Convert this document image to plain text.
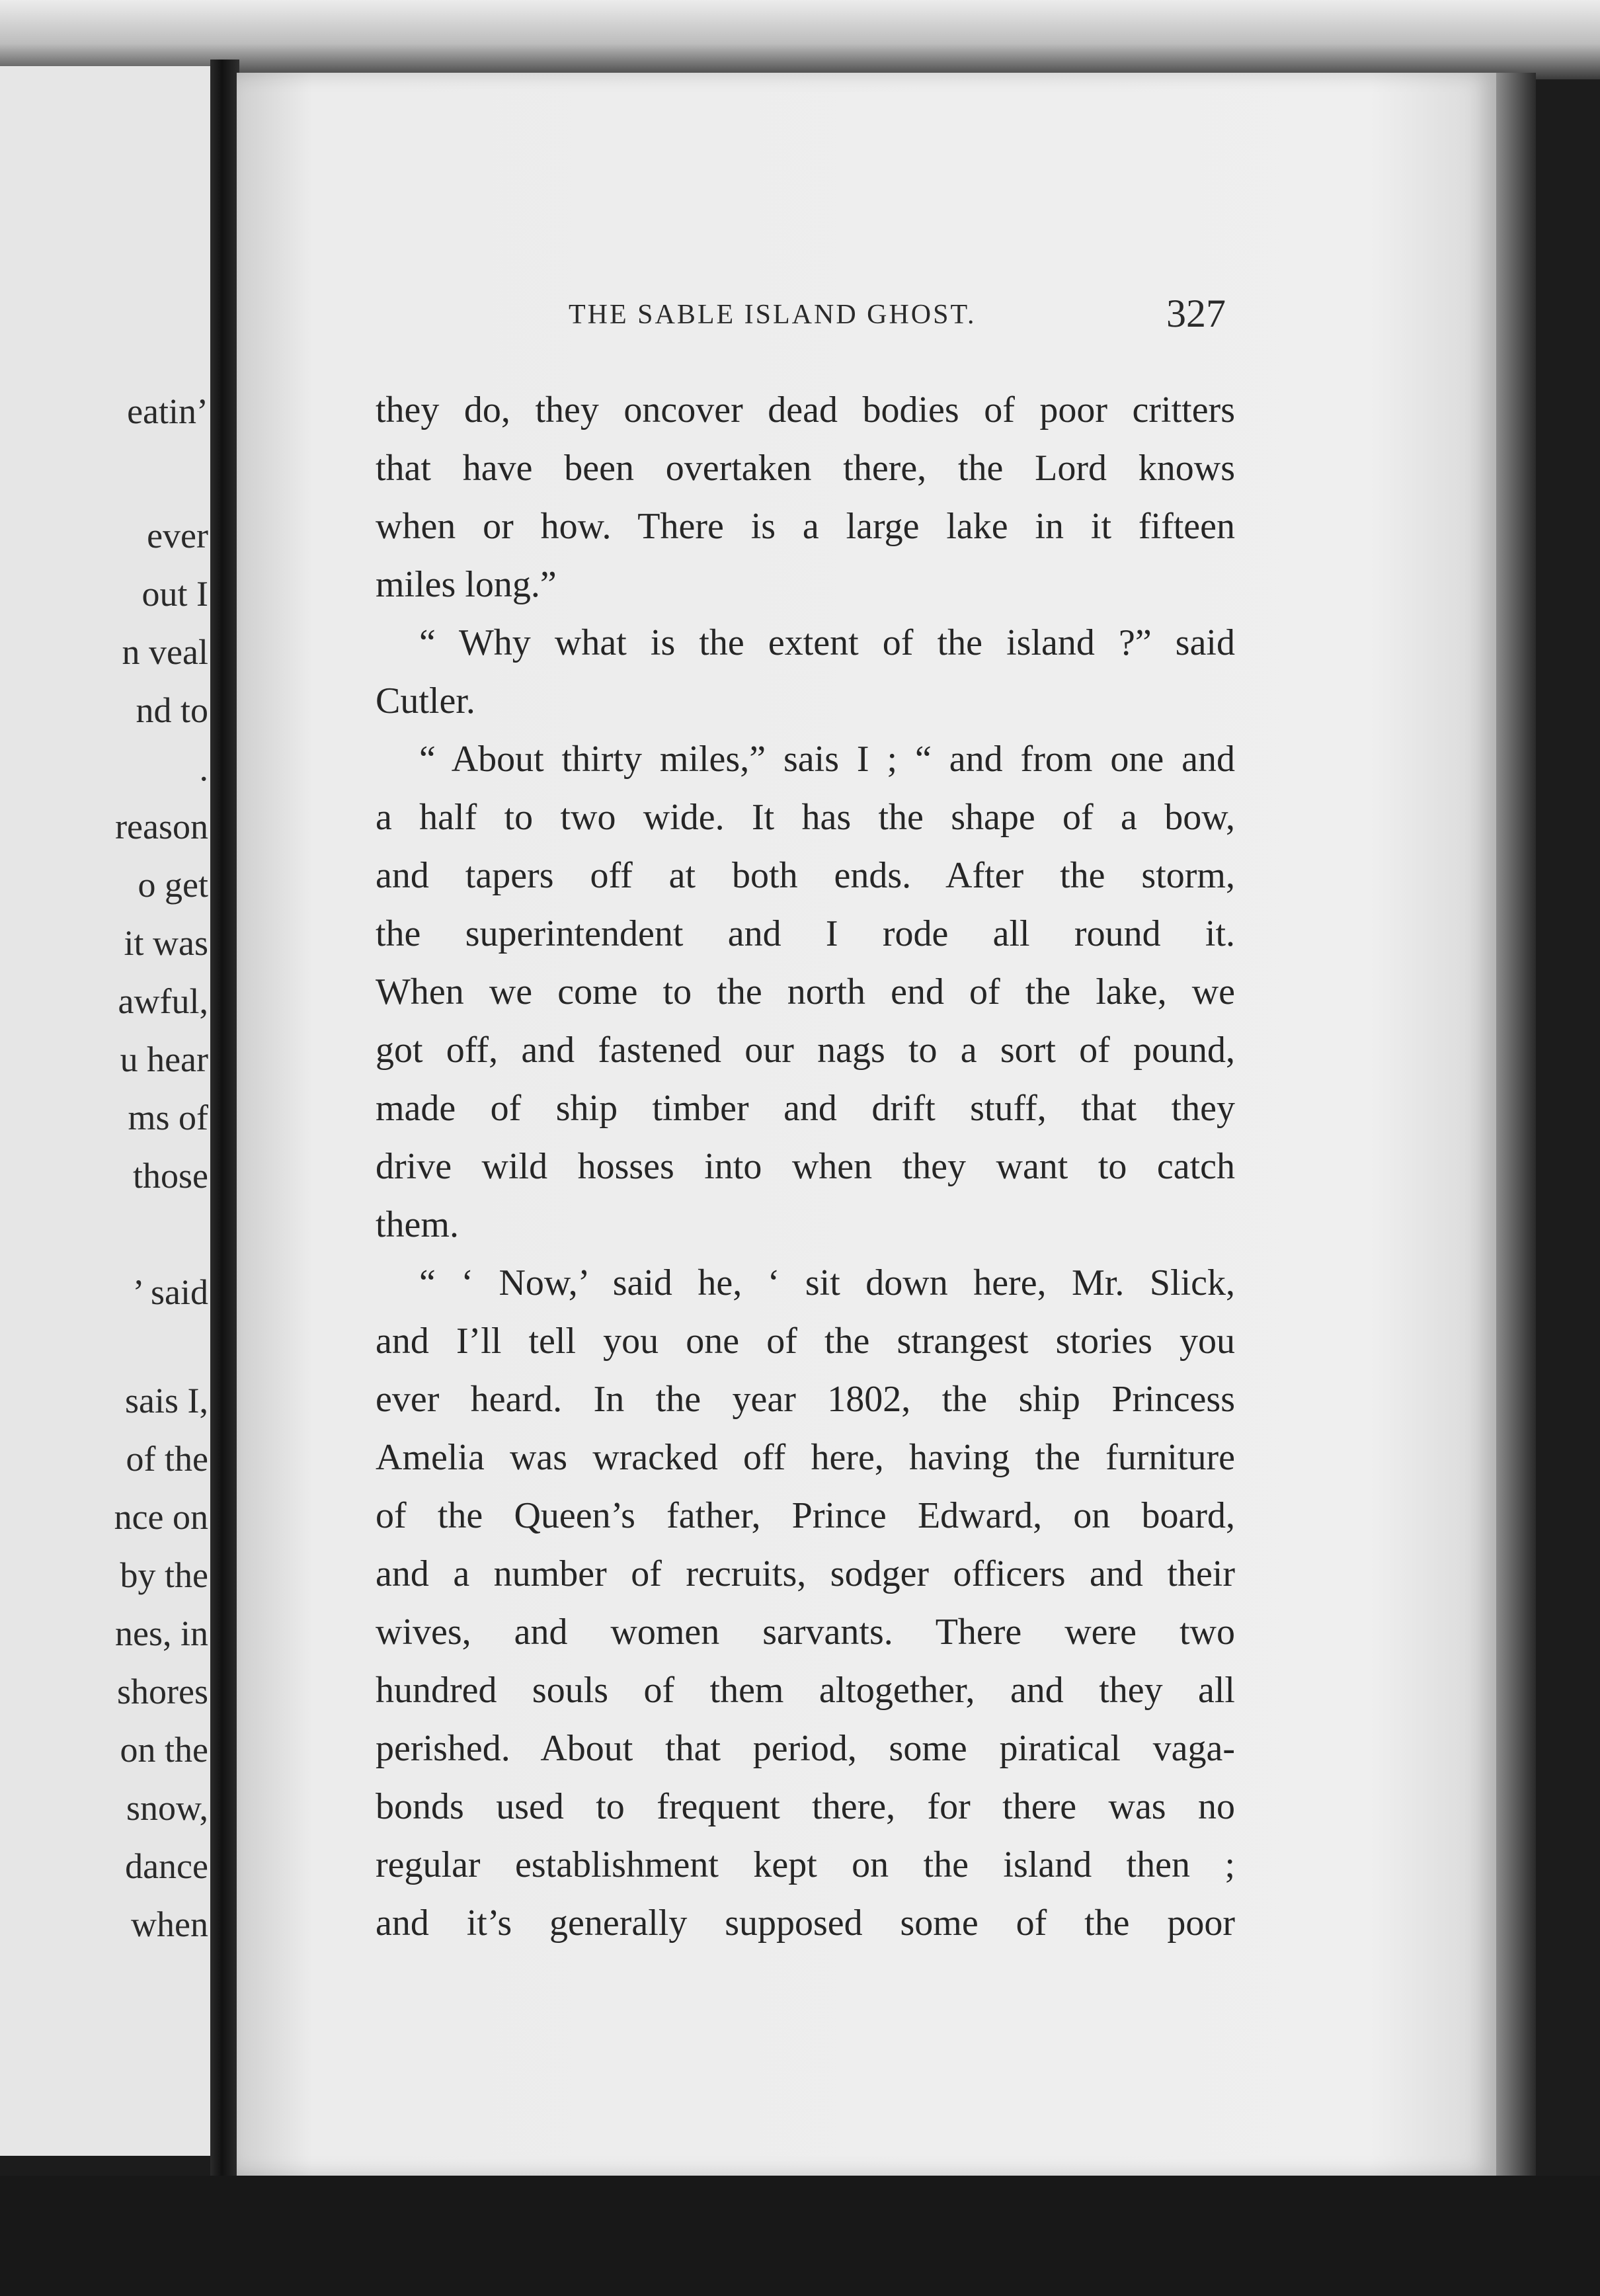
eatin’

ever

out I

n veal

nd to

.

reason

o get

it was

awful,

u hear

ms of

those

’ said

sais I,

of the

nce on

by the

nes, in

shores

on the

snow,

dance

when

THE SABLE ISLAND GHOST.	327

they do, they oncover dead bodies of poor critters

that have been overtaken there, the Lord knows

when or how. There is a large lake in it fifteen

miles long.”

“ Why what is the extent of the island ?” said

Cutler.

“ About thirty miles,” sais I ; “ and from one and

a half to two wide. It has the shape of a bow,

and tapers off at both ends. After the storm,

the superintendent and I rode all round it.

When we come to the north end of the lake, we

got off, and fastened our nags to a sort of pound,

made of ship timber and drift stuff, that they

drive wild hosses into when they want to catch

them.

“ ‘ Now,’ said he, ‘ sit down here, Mr. Slick,

and I’ll tell you one of the strangest stories you

ever heard. In the year 1802, the ship Princess

Amelia was wracked off here, having the furniture

of the Queen’s father, Prince Edward, on board,

and a number of recruits, sodger officers and their

wives, and women sarvants. There were two

hundred souls of them altogether, and they all

perished. About that period, some piratical vaga-

bonds used to frequent there, for there was no

regular establishment kept on the island then ;

and it’s generally supposed some of the poor
